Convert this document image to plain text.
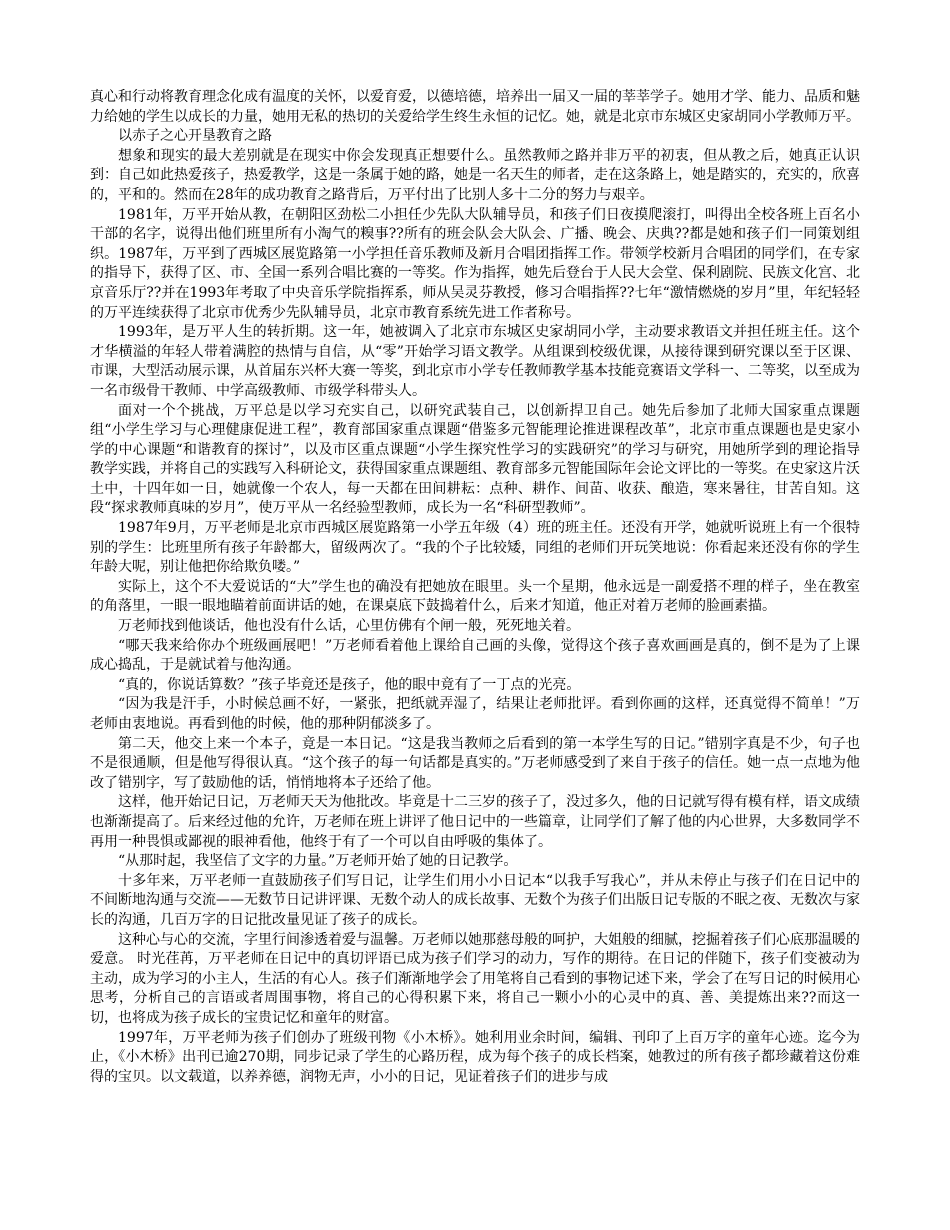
真心和行动将教育理念化成有温度的关怀，以爱育爱，以德培德，培养出一届又一届的莘莘学子。她用才学、能力、品质和魅力给她的学生以成长的力量，她用无私的热切的关爱给学生终生永恒的记忆。她，就是北京市东城区史家胡同小学教师万平。

以赤子之心开垦教育之路

想象和现实的最大差别就是在现实中你会发现真正想要什么。虽然教师之路并非万平的初衷，但从教之后，她真正认识到：自己如此热爱孩子，热爱教学，这是一条属于她的路，她是一名天生的师者，走在这条路上，她是踏实的，充实的，欣喜的，平和的。然而在28年的成功教育之路背后，万平付出了比别人多十二分的努力与艰辛。

1981年，万平开始从教，在朝阳区劲松二小担任少先队大队辅导员，和孩子们日夜摸爬滚打，叫得出全校各班上百名小干部的名字，说得出他们班里所有小淘气的糗事??所有的班会队会大队会、广播、晚会、庆典??都是她和孩子们一同策划组织。1987年，万平到了西城区展览路第一小学担任音乐教师及新月合唱团指挥工作。带领学校新月合唱团的同学们，在专家的指导下，获得了区、市、全国一系列合唱比赛的一等奖。作为指挥，她先后登台于人民大会堂、保利剧院、民族文化宫、北京音乐厅??并在1993年考取了中央音乐学院指挥系，师从吴灵芬教授，修习合唱指挥??七年“激情燃烧的岁月”里，年纪轻轻的万平连续获得了北京市优秀少先队辅导员，北京市教育系统先进工作者称号。

1993年，是万平人生的转折期。这一年，她被调入了北京市东城区史家胡同小学，主动要求教语文并担任班主任。这个才华横溢的年轻人带着满腔的热情与自信，从“零”开始学习语文教学。从组课到校级优课，从接待课到研究课以至于区课、市课，大型活动展示课，从首届东兴杯大赛一等奖，到北京市小学专任教师教学基本技能竞赛语文学科一、二等奖，以至成为一名市级骨干教师、中学高级教师、市级学科带头人。

面对一个个挑战，万平总是以学习充实自己，以研究武装自己，以创新捍卫自己。她先后参加了北师大国家重点课题组“小学生学习与心理健康促进工程”，教育部国家重点课题“借鉴多元智能理论推进课程改革”，北京市重点课题也是史家小学的中心课题“和谐教育的探讨”，以及市区重点课题“小学生探究性学习的实践研究”的学习与研究，用她所学到的理论指导教学实践，并将自己的实践写入科研论文，获得国家重点课题组、教育部多元智能国际年会论文评比的一等奖。在史家这片沃土中，十四年如一日，她就像一个农人，每一天都在田间耕耘：点种、耕作、间苗、收获、酿造，寒来暑往，甘苦自知。这段“探求教师真味的岁月”，使万平从一名经验型教师，成长为一名“科研型教师”。

1987年9月，万平老师是北京市西城区展览路第一小学五年级（4）班的班主任。还没有开学，她就听说班上有一个很特别的学生：比班里所有孩子年龄都大，留级两次了。“我的个子比较矮，同组的老师们开玩笑地说：你看起来还没有你的学生年龄大呢，别让他把你给欺负喽。”

实际上，这个不大爱说话的“大”学生也的确没有把她放在眼里。头一个星期，他永远是一副爱搭不理的样子，坐在教室的角落里，一眼一眼地瞄着前面讲话的她，在课桌底下鼓捣着什么，后来才知道，他正对着万老师的脸画素描。

万老师找到他谈话，他也没有什么话，心里仿佛有个闸一般，死死地关着。

“哪天我来给你办个班级画展吧！”万老师看着他上课给自己画的头像，觉得这个孩子喜欢画画是真的，倒不是为了上课成心捣乱，于是就试着与他沟通。

“真的，你说话算数？”孩子毕竟还是孩子，他的眼中竟有了一丁点的光亮。

“因为我是汗手，小时候总画不好，一紧张，把纸就弄湿了，结果让老师批评。看到你画的这样，还真觉得不简单！”万老师由衷地说。再看到他的时候，他的那种阴郁淡多了。

第二天，他交上来一个本子，竟是一本日记。“这是我当教师之后看到的第一本学生写的日记。”错别字真是不少，句子也不是很通顺，但是他写得很认真。“这个孩子的每一句话都是真实的。”万老师感受到了来自于孩子的信任。她一点一点地为他改了错别字，写了鼓励他的话，悄悄地将本子还给了他。

这样，他开始记日记，万老师天天为他批改。毕竟是十二三岁的孩子了，没过多久，他的日记就写得有模有样，语文成绩也渐渐提高了。后来经过他的允许，万老师在班上讲评了他日记中的一些篇章，让同学们了解了他的内心世界，大多数同学不再用一种畏惧或鄙视的眼神看他，他终于有了一个可以自由呼吸的集体了。

“从那时起，我坚信了文字的力量。”万老师开始了她的日记教学。

十多年来，万平老师一直鼓励孩子们写日记，让学生们用小小日记本“以我手写我心”，并从未停止与孩子们在日记中的不间断地沟通与交流——无数节日记讲评课、无数个动人的成长故事、无数个为孩子们出版日记专版的不眠之夜、无数次与家长的沟通，几百万字的日记批改量见证了孩子的成长。

这种心与心的交流，字里行间渗透着爱与温馨。万老师以她那慈母般的呵护，大姐般的细腻，挖掘着孩子们心底那温暖的爱意。 时光荏苒，万平老师在日记中的真切评语已成为孩子们学习的动力，写作的期待。在日记的伴随下，孩子们变被动为主动，成为学习的小主人，生活的有心人。孩子们渐渐地学会了用笔将自己看到的事物记述下来，学会了在写日记的时候用心思考，分析自己的言语或者周围事物，将自己的心得积累下来，将自己一颗小小的心灵中的真、善、美提炼出来??而这一切，也将成为孩子成长的宝贵记忆和童年的财富。

1997年，万平老师为孩子们创办了班级刊物《小木桥》。她利用业余时间，编辑、刊印了上百万字的童年心迹。迄今为止，《小木桥》出刊已逾270期，同步记录了学生的心路历程，成为每个孩子的成长档案，她教过的所有孩子都珍藏着这份难得的宝贝。以文载道，以养养德，润物无声，小小的日记，见证着孩子们的进步与成
